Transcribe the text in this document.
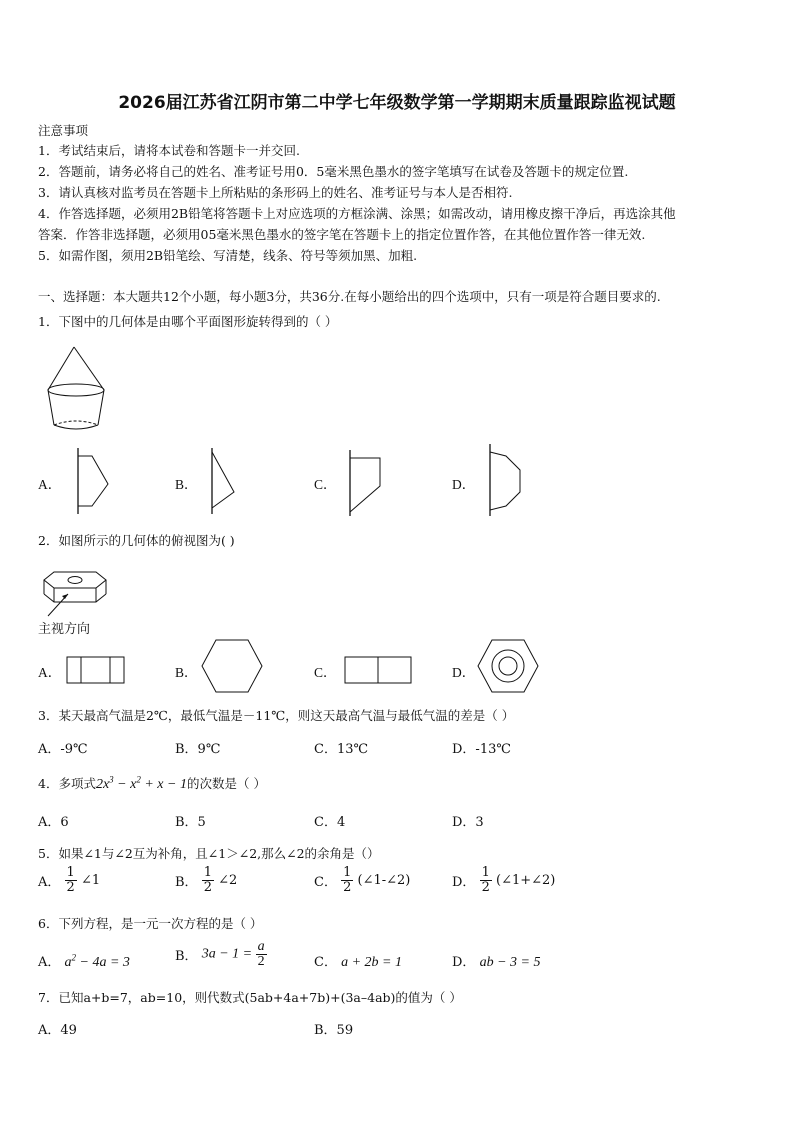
2026届江苏省江阴市第二中学七年级数学第一学期期末质量跟踪监视试题
注意事项
1．考试结束后，请将本试卷和答题卡一并交回.
2．答题前，请务必将自己的姓名、准考证号用0．5毫米黑色墨水的签字笔填写在试卷及答题卡的规定位置.
3．请认真核对监考员在答题卡上所粘贴的条形码上的姓名、准考证号与本人是否相符.
4．作答选择题，必须用2B铅笔将答题卡上对应选项的方框涂满、涂黑；如需改动，请用橡皮擦干净后，再选涂其他
答案．作答非选择题，必须用05毫米黑色墨水的签字笔在答题卡上的指定位置作答，在其他位置作答一律无效.
5．如需作图，须用2B铅笔绘、写清楚，线条、符号等须加黑、加粗.
一、选择题：本大题共12个小题，每小题3分，共36分.在每小题给出的四个选项中，只有一项是符合题目要求的.
1．下图中的几何体是由哪个平面图形旋转得到的（ ）
A．	B．	C．	D．
2．如图所示的几何体的俯视图为( )
主视方向
A．	B．	C．	D．
3．某天最高气温是2℃，最低气温是－11℃，则这天最高气温与最低气温的差是（ ）
A．-9℃	B．9℃	C．13℃	D．-13℃
4．多项式$2x^3 - x^2 + x - 1$的次数是（ ）
A．6	B．5	C．4	D．3
5．如果∠1与∠2互为补角，且∠1＞∠2,那么∠2的余角是（）
A． $\frac{1}{2}$ ∠1	B． $\frac{1}{2}$ ∠2	C． $\frac{1}{2}$ (∠1-∠2)	D． $\frac{1}{2}$ (∠1+∠2)
6．下列方程，是一元一次方程的是（ ）
A． $a^2 - 4a = 3$	B． $3a - 1 = \frac{a}{2}$	C． a + 2b = 1	D． ab − 3 = 5
7．已知a+b=7，ab=10，则代数式(5ab+4a+7b)+(3a–4ab)的值为（ ）
A．49	B．59
